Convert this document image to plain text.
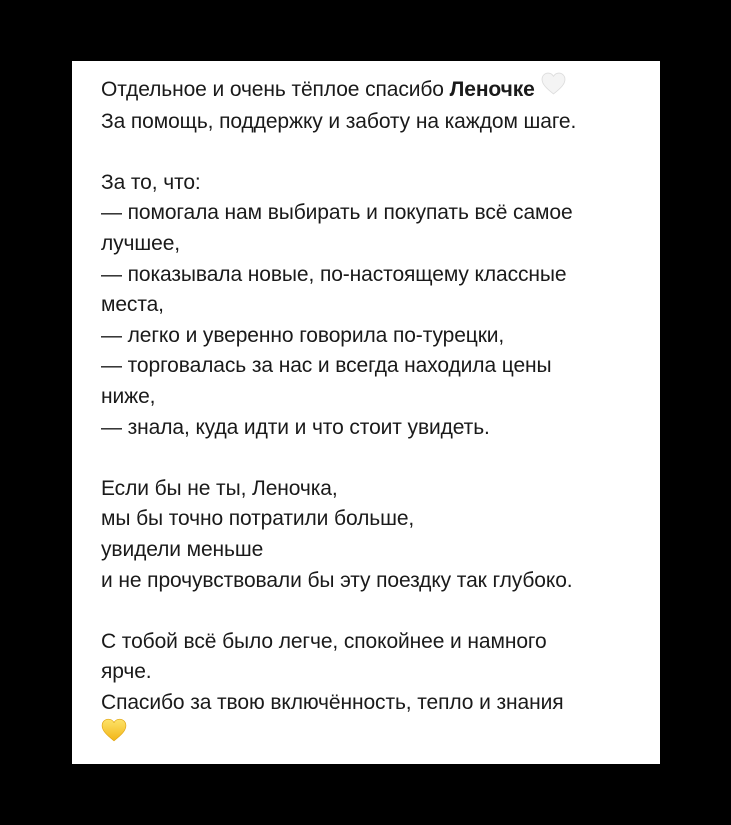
Отдельное и очень тёплое спасибо Леночке
За помощь, поддержку и заботу на каждом шаге.
За то, что:
— помогала нам выбирать и покупать всё самое
лучшее,
— показывала новые, по-настоящему классные
места,
— легко и уверенно говорила по-турецки,
— торговалась за нас и всегда находила цены
ниже,
— знала, куда идти и что стоит увидеть.
Если бы не ты, Леночка,
мы бы точно потратили больше,
увидели меньше
и не прочувствовали бы эту поездку так глубоко.
С тобой всё было легче, спокойнее и намного
ярче.
Спасибо за твою включённость, тепло и знания
